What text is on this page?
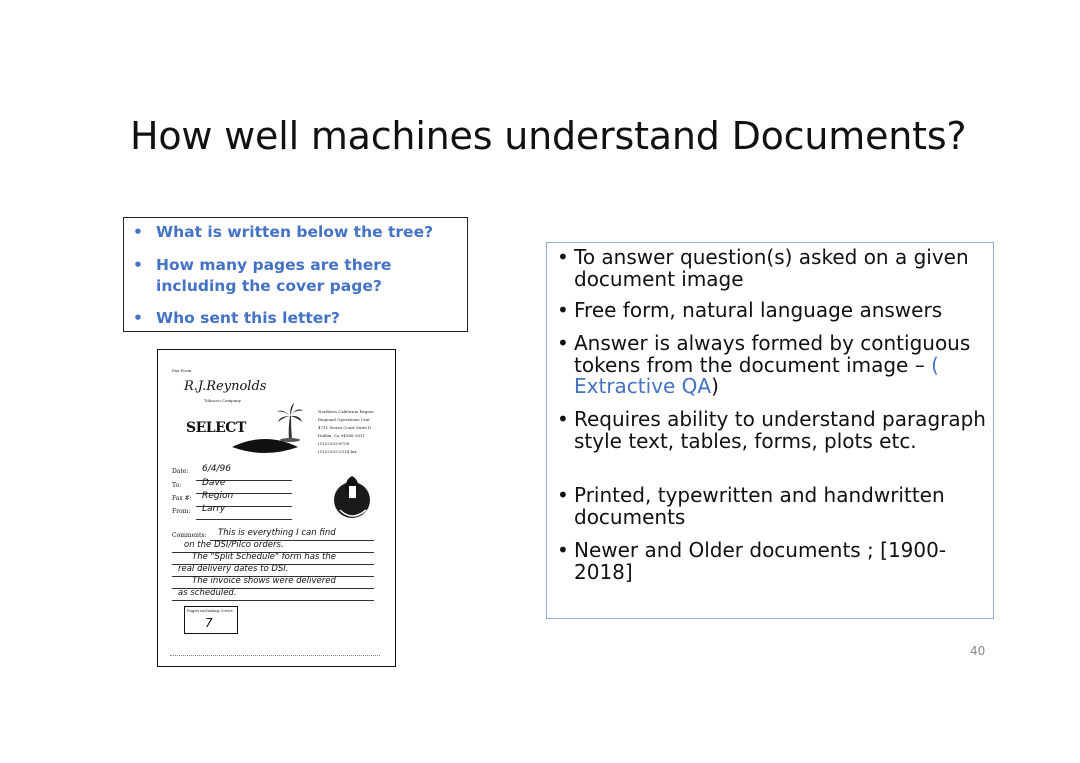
How well machines understand Documents?
• What is written below the tree?
• How many pages are there including the cover page?
• Who sent this letter?
Fax From
R.J.Reynolds
Tobacco Company
SELECT
Northern California Region
Regional Operations Unit
4711 Sierra Court Suite D
Dublin, Ca 94568-2611
(510) 833-8708
(510) 833-2314 fax
Date: 6/4/96
To: Dave
Fax #: Region
From: Larry
Comments: This is everything I can find
on the DSI/Pilco orders.
The "Split Schedule" form has the
real delivery dates to DSI.
The invoice shows were delivered
as scheduled.
Pages including Cover:
7
• To answer question(s) asked on a given document image
• Free form, natural language answers
• Answer is always formed by contiguous tokens from the document image – ( Extractive QA)
• Requires ability to understand paragraph style text, tables, forms, plots etc.
• Printed, typewritten and handwritten documents
• Newer and Older documents ; [1900-2018]
40
